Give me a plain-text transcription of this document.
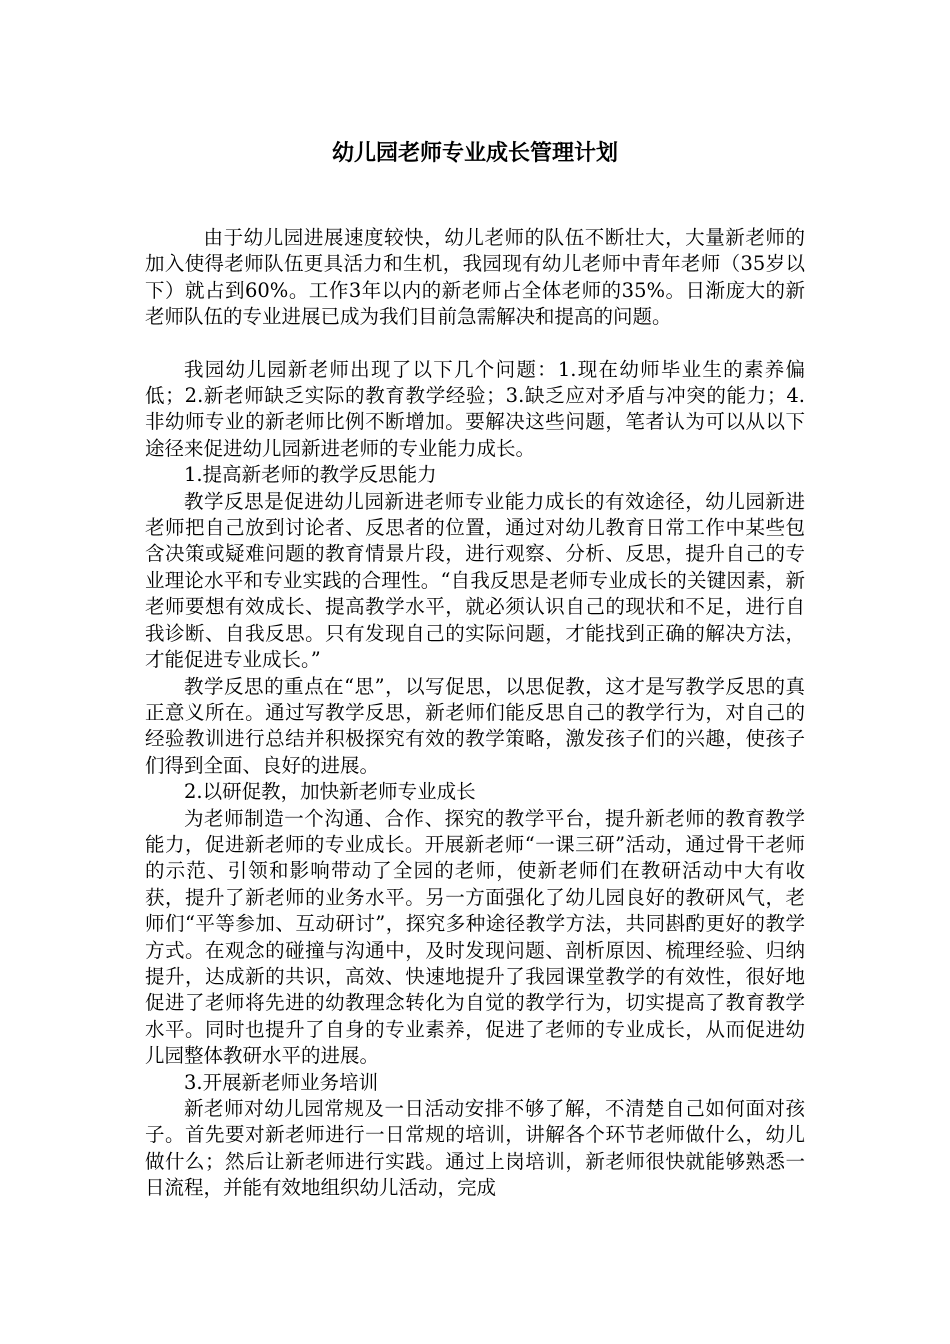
幼儿园老师专业成长管理计划

由于幼儿园进展速度较快，幼儿老师的队伍不断壮大，大量新老师的加入使得老师队伍更具活力和生机，我园现有幼儿老师中青年老师（35岁以下）就占到60%。工作3年以内的新老师占全体老师的35%。日渐庞大的新老师队伍的专业进展已成为我们目前急需解决和提高的问题。

我园幼儿园新老师出现了以下几个问题：1.现在幼师毕业生的素养偏低；2.新老师缺乏实际的教育教学经验；3.缺乏应对矛盾与冲突的能力；4.非幼师专业的新老师比例不断增加。要解决这些问题，笔者认为可以从以下途径来促进幼儿园新进老师的专业能力成长。

1.提高新老师的教学反思能力

教学反思是促进幼儿园新进老师专业能力成长的有效途径，幼儿园新进老师把自己放到讨论者、反思者的位置，通过对幼儿教育日常工作中某些包含决策或疑难问题的教育情景片段，进行观察、分析、反思，提升自己的专业理论水平和专业实践的合理性。“自我反思是老师专业成长的关键因素，新老师要想有效成长、提高教学水平，就必须认识自己的现状和不足，进行自我诊断、自我反思。只有发现自己的实际问题，才能找到正确的解决方法，才能促进专业成长。”

教学反思的重点在“思”，以写促思，以思促教，这才是写教学反思的真正意义所在。通过写教学反思，新老师们能反思自己的教学行为，对自己的经验教训进行总结并积极探究有效的教学策略，激发孩子们的兴趣，使孩子们得到全面、良好的进展。

2.以研促教，加快新老师专业成长

为老师制造一个沟通、合作、探究的教学平台，提升新老师的教育教学能力，促进新老师的专业成长。开展新老师“一课三研”活动，通过骨干老师的示范、引领和影响带动了全园的老师，使新老师们在教研活动中大有收获，提升了新老师的业务水平。另一方面强化了幼儿园良好的教研风气，老师们“平等参加、互动研讨”，探究多种途径教学方法，共同斟酌更好的教学方式。在观念的碰撞与沟通中，及时发现问题、剖析原因、梳理经验、归纳提升，达成新的共识，高效、快速地提升了我园课堂教学的有效性，很好地促进了老师将先进的幼教理念转化为自觉的教学行为，切实提高了教育教学水平。同时也提升了自身的专业素养，促进了老师的专业成长，从而促进幼儿园整体教研水平的进展。

3.开展新老师业务培训

新老师对幼儿园常规及一日活动安排不够了解，不清楚自己如何面对孩子。首先要对新老师进行一日常规的培训，讲解各个环节老师做什么，幼儿做什么；然后让新老师进行实践。通过上岗培训，新老师很快就能够熟悉一日流程，并能有效地组织幼儿活动，完成
